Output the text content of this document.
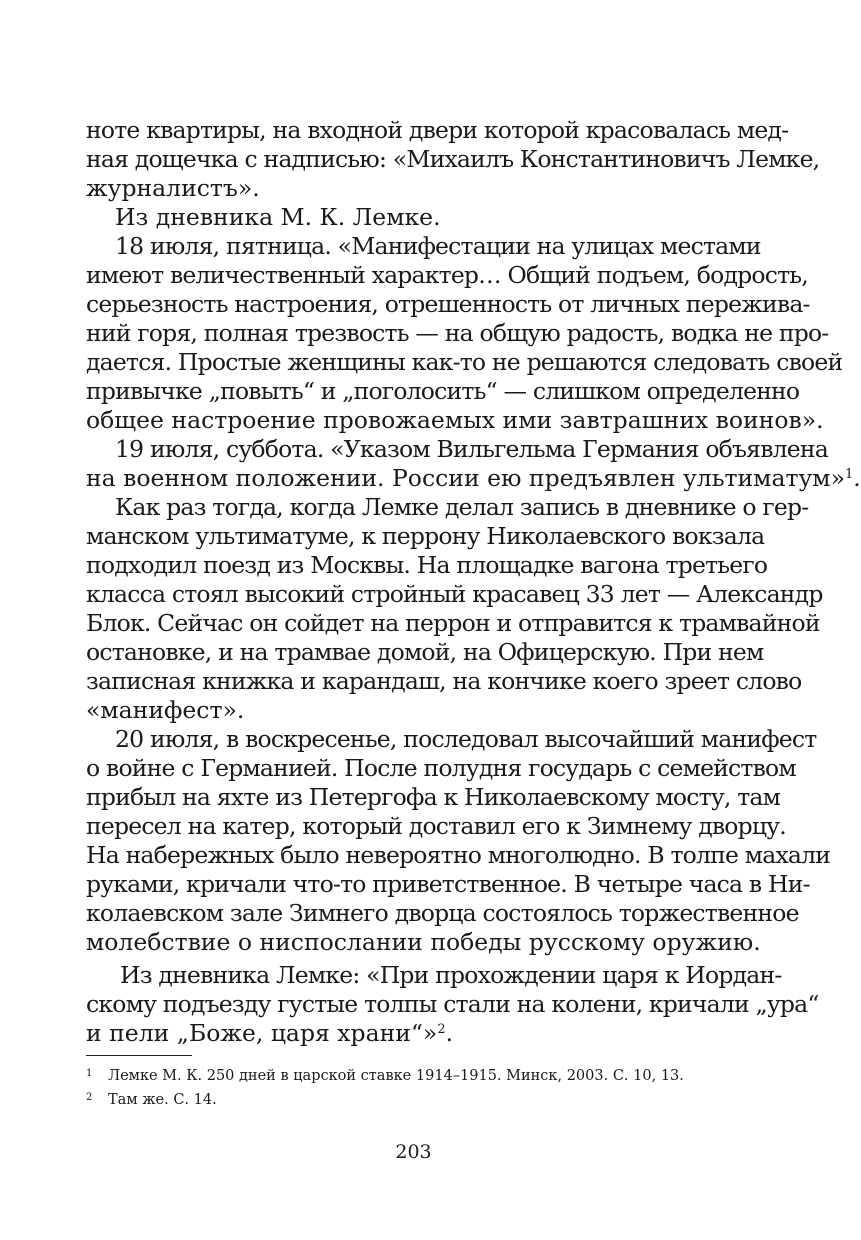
ноте квартиры, на входной двери которой красовалась мед-
ная дощечка с надписью: «Михаилъ Константиновичъ Лемке,
журналистъ».
Из дневника М. К. Лемке.
18 июля, пятница. «Манифестации на улицах местами
имеют величественный характер… Общий подъем, бодрость,
серьезность настроения, отрешенность от личных пережива-
ний горя, полная трезвость — на общую радость, водка не про-
дается. Простые женщины как-то не решаются следовать своей
привычке „повыть“ и „поголосить“ — слишком определенно
общее настроение провожаемых ими завтрашних воинов».
19 июля, суббота. «Указом Вильгельма Германия объявлена
на военном положении. России ею предъявлен ультиматум»$^1$.
Как раз тогда, когда Лемке делал запись в дневнике о гер-
манском ультиматуме, к перрону Николаевского вокзала
подходил поезд из Москвы. На площадке вагона третьего
класса стоял высокий стройный красавец 33 лет — Александр
Блок. Сейчас он сойдет на перрон и отправится к трамвайной
остановке, и на трамвае домой, на Офицерскую. При нем
записная книжка и карандаш, на кончике коего зреет слово
«манифест».
20 июля, в воскресенье, последовал высочайший манифест
о войне с Германией. После полудня государь с семейством
прибыл на яхте из Петергофа к Николаевскому мосту, там
пересел на катер, который доставил его к Зимнему дворцу.
На набережных было невероятно многолюдно. В толпе махали
руками, кричали что-то приветственное. В четыре часа в Ни-
колаевском зале Зимнего дворца состоялось торжественное
молебствие о ниспослании победы русскому оружию.
Из дневника Лемке: «При прохождении царя к Иордан-
скому подъезду густые толпы стали на колени, кричали „ура“
и пели „Боже, царя храни“»$^2$.
1 Лемке М. К. 250 дней в царской ставке 1914–1915. Минск, 2003. С. 10, 13.
2 Там же. С. 14.
203
